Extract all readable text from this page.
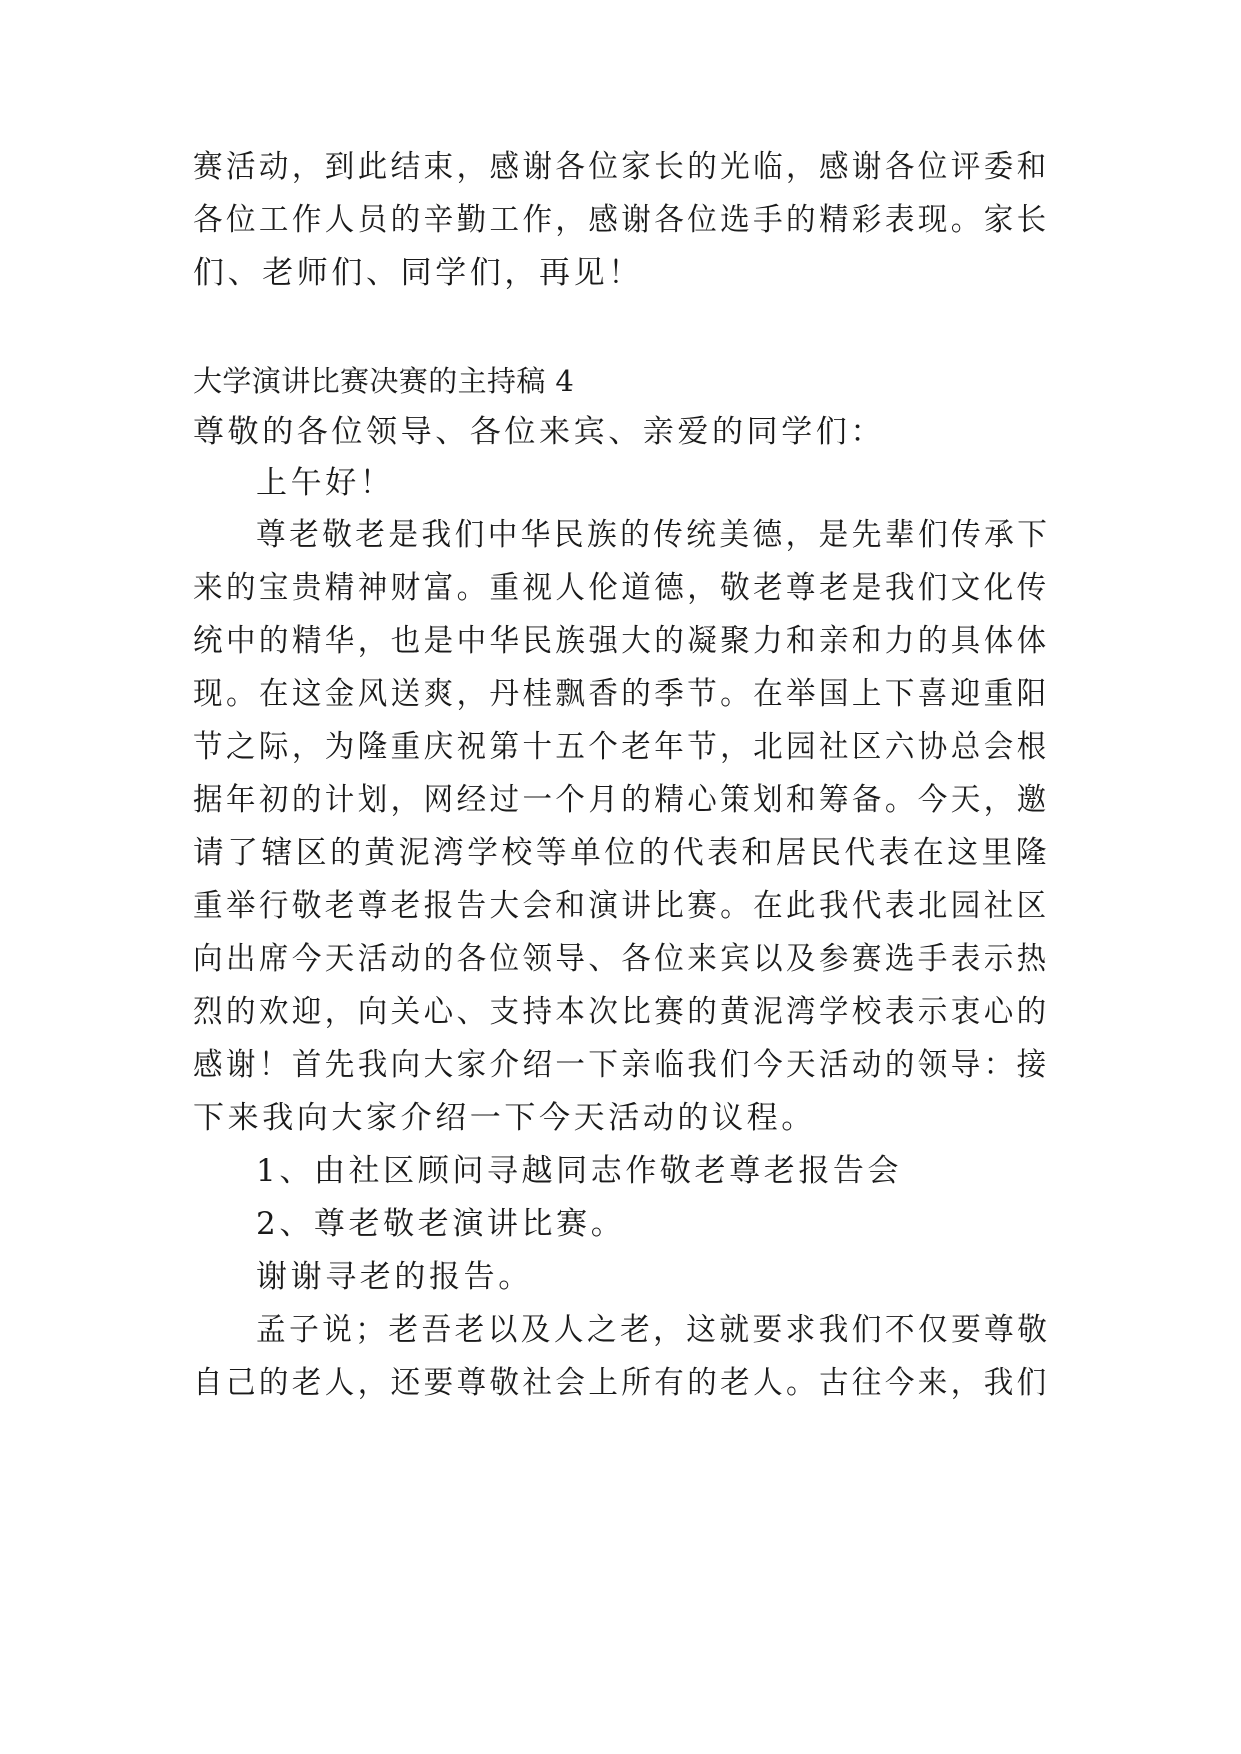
赛活动，到此结束，感谢各位家长的光临，感谢各位评委和
各位工作人员的辛勤工作，感谢各位选手的精彩表现。家长
们、老师们、同学们，再见！
大学演讲比赛决赛的主持稿 4
尊敬的各位领导、各位来宾、亲爱的同学们：
上午好！
尊老敬老是我们中华民族的传统美德，是先辈们传承下
来的宝贵精神财富。重视人伦道德，敬老尊老是我们文化传
统中的精华，也是中华民族强大的凝聚力和亲和力的具体体
现。在这金风送爽，丹桂飘香的季节。在举国上下喜迎重阳
节之际，为隆重庆祝第十五个老年节，北园社区六协总会根
据年初的计划，网经过一个月的精心策划和筹备。今天，邀
请了辖区的黄泥湾学校等单位的代表和居民代表在这里隆
重举行敬老尊老报告大会和演讲比赛。在此我代表北园社区
向出席今天活动的各位领导、各位来宾以及参赛选手表示热
烈的欢迎，向关心、支持本次比赛的黄泥湾学校表示衷心的
感谢！首先我向大家介绍一下亲临我们今天活动的领导：接
下来我向大家介绍一下今天活动的议程。
1、由社区顾问寻越同志作敬老尊老报告会
2、尊老敬老演讲比赛。
谢谢寻老的报告。
孟子说；老吾老以及人之老，这就要求我们不仅要尊敬
自己的老人，还要尊敬社会上所有的老人。古往今来，我们
